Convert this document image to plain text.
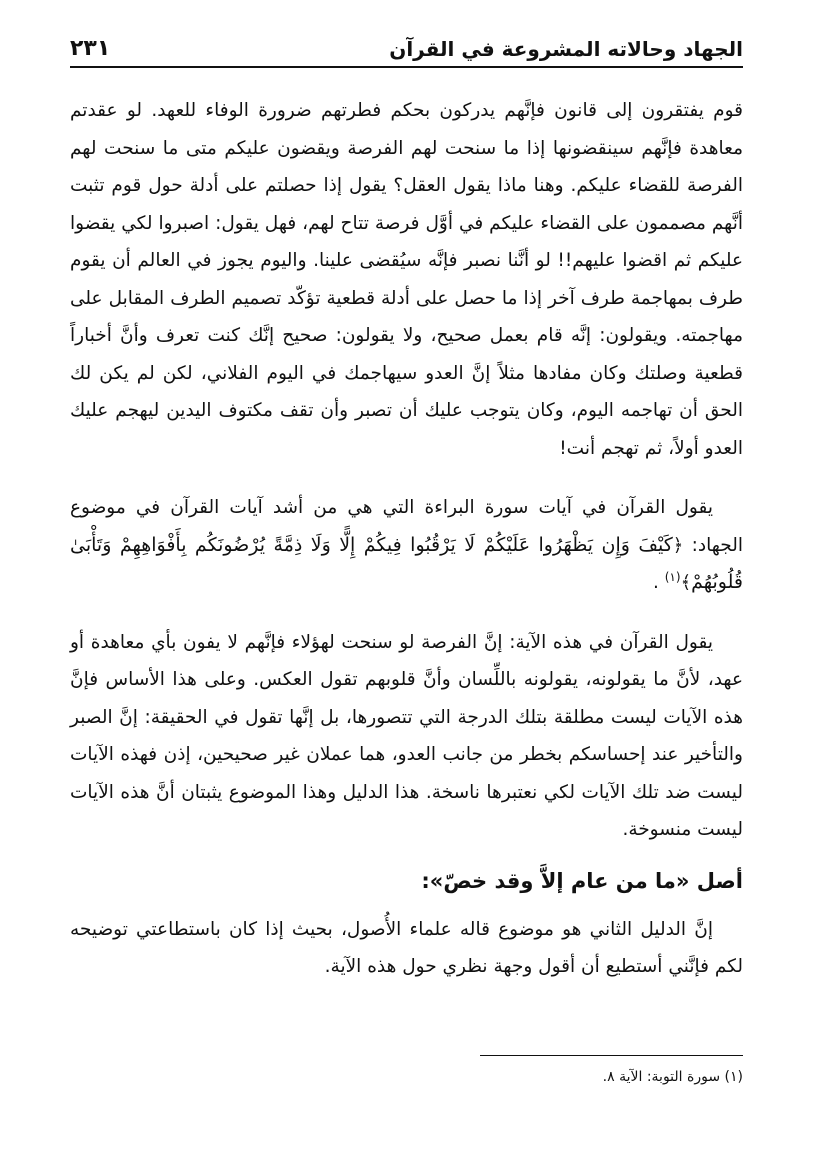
الجهاد وحالاته المشروعة في القرآن
٢٣١

قوم يفتقرون إلى قانون فإنَّهم يدركون بحكم فطرتهم ضرورة الوفاء للعهد. لو عقدتم معاهدة فإنَّهم سينقضونها إذا ما سنحت لهم الفرصة ويقضون عليكم متى ما سنحت لهم الفرصة للقضاء عليكم. وهنا ماذا يقول العقل؟ يقول إذا حصلتم على أدلة حول قوم تثبت أنَّهم مصممون على القضاء عليكم في أوَّل فرصة تتاح لهم، فهل يقول: اصبروا لكي يقضوا عليكم ثم اقضوا عليهم!! لو أنَّنا نصبر فإنَّه سيُقضى علينا. واليوم يجوز في العالم أن يقوم طرف بمهاجمة طرف آخر إذا ما حصل على أدلة قطعية تؤكّد تصميم الطرف المقابل على مهاجمته. ويقولون: إنَّه قام بعمل صحيح، ولا يقولون: صحيح إنَّك كنت تعرف وأنَّ أخباراً قطعية وصلتك وكان مفادها مثلاً إنَّ العدو سيهاجمك في اليوم الفلاني، لكن لم يكن لك الحق أن تهاجمه اليوم، وكان يتوجب عليك أن تصبر وأن تقف مكتوف اليدين ليهجم عليك العدو أولاً، ثم تهجم أنت!

يقول القرآن في آيات سورة البراءة التي هي من أشد آيات القرآن في موضوع الجهاد: ﴿كَيْفَ وَإِن يَظْهَرُوا عَلَيْكُمْ لَا يَرْقُبُوا فِيكُمْ إِلًّا وَلَا ذِمَّةً يُرْضُونَكُم بِأَفْوَاهِهِمْ وَتَأْبَىٰ قُلُوبُهُمْ﴾$^{(١)}$ .

يقول القرآن في هذه الآية: إنَّ الفرصة لو سنحت لهؤلاء فإنَّهم لا يفون بأي معاهدة أو عهد، لأنَّ ما يقولونه، يقولونه باللِّسان وأنَّ قلوبهم تقول العكس. وعلى هذا الأساس فإنَّ هذه الآيات ليست مطلقة بتلك الدرجة التي تتصورها، بل إنَّها تقول في الحقيقة: إنَّ الصبر والتأخير عند إحساسكم بخطر من جانب العدو، هما عملان غير صحيحين، إذن فهذه الآيات ليست ضد تلك الآيات لكي نعتبرها ناسخة. هذا الدليل وهذا الموضوع يثبتان أنَّ هذه الآيات ليست منسوخة.

أصل «ما من عام إلاَّ وقد خصّ»:

إنَّ الدليل الثاني هو موضوع قاله علماء الأُصول، بحيث إذا كان باستطاعتي توضيحه لكم فإنَّني أستطيع أن أقول وجهة نظري حول هذه الآية.

(١) سورة التوبة: الآية ٨.
